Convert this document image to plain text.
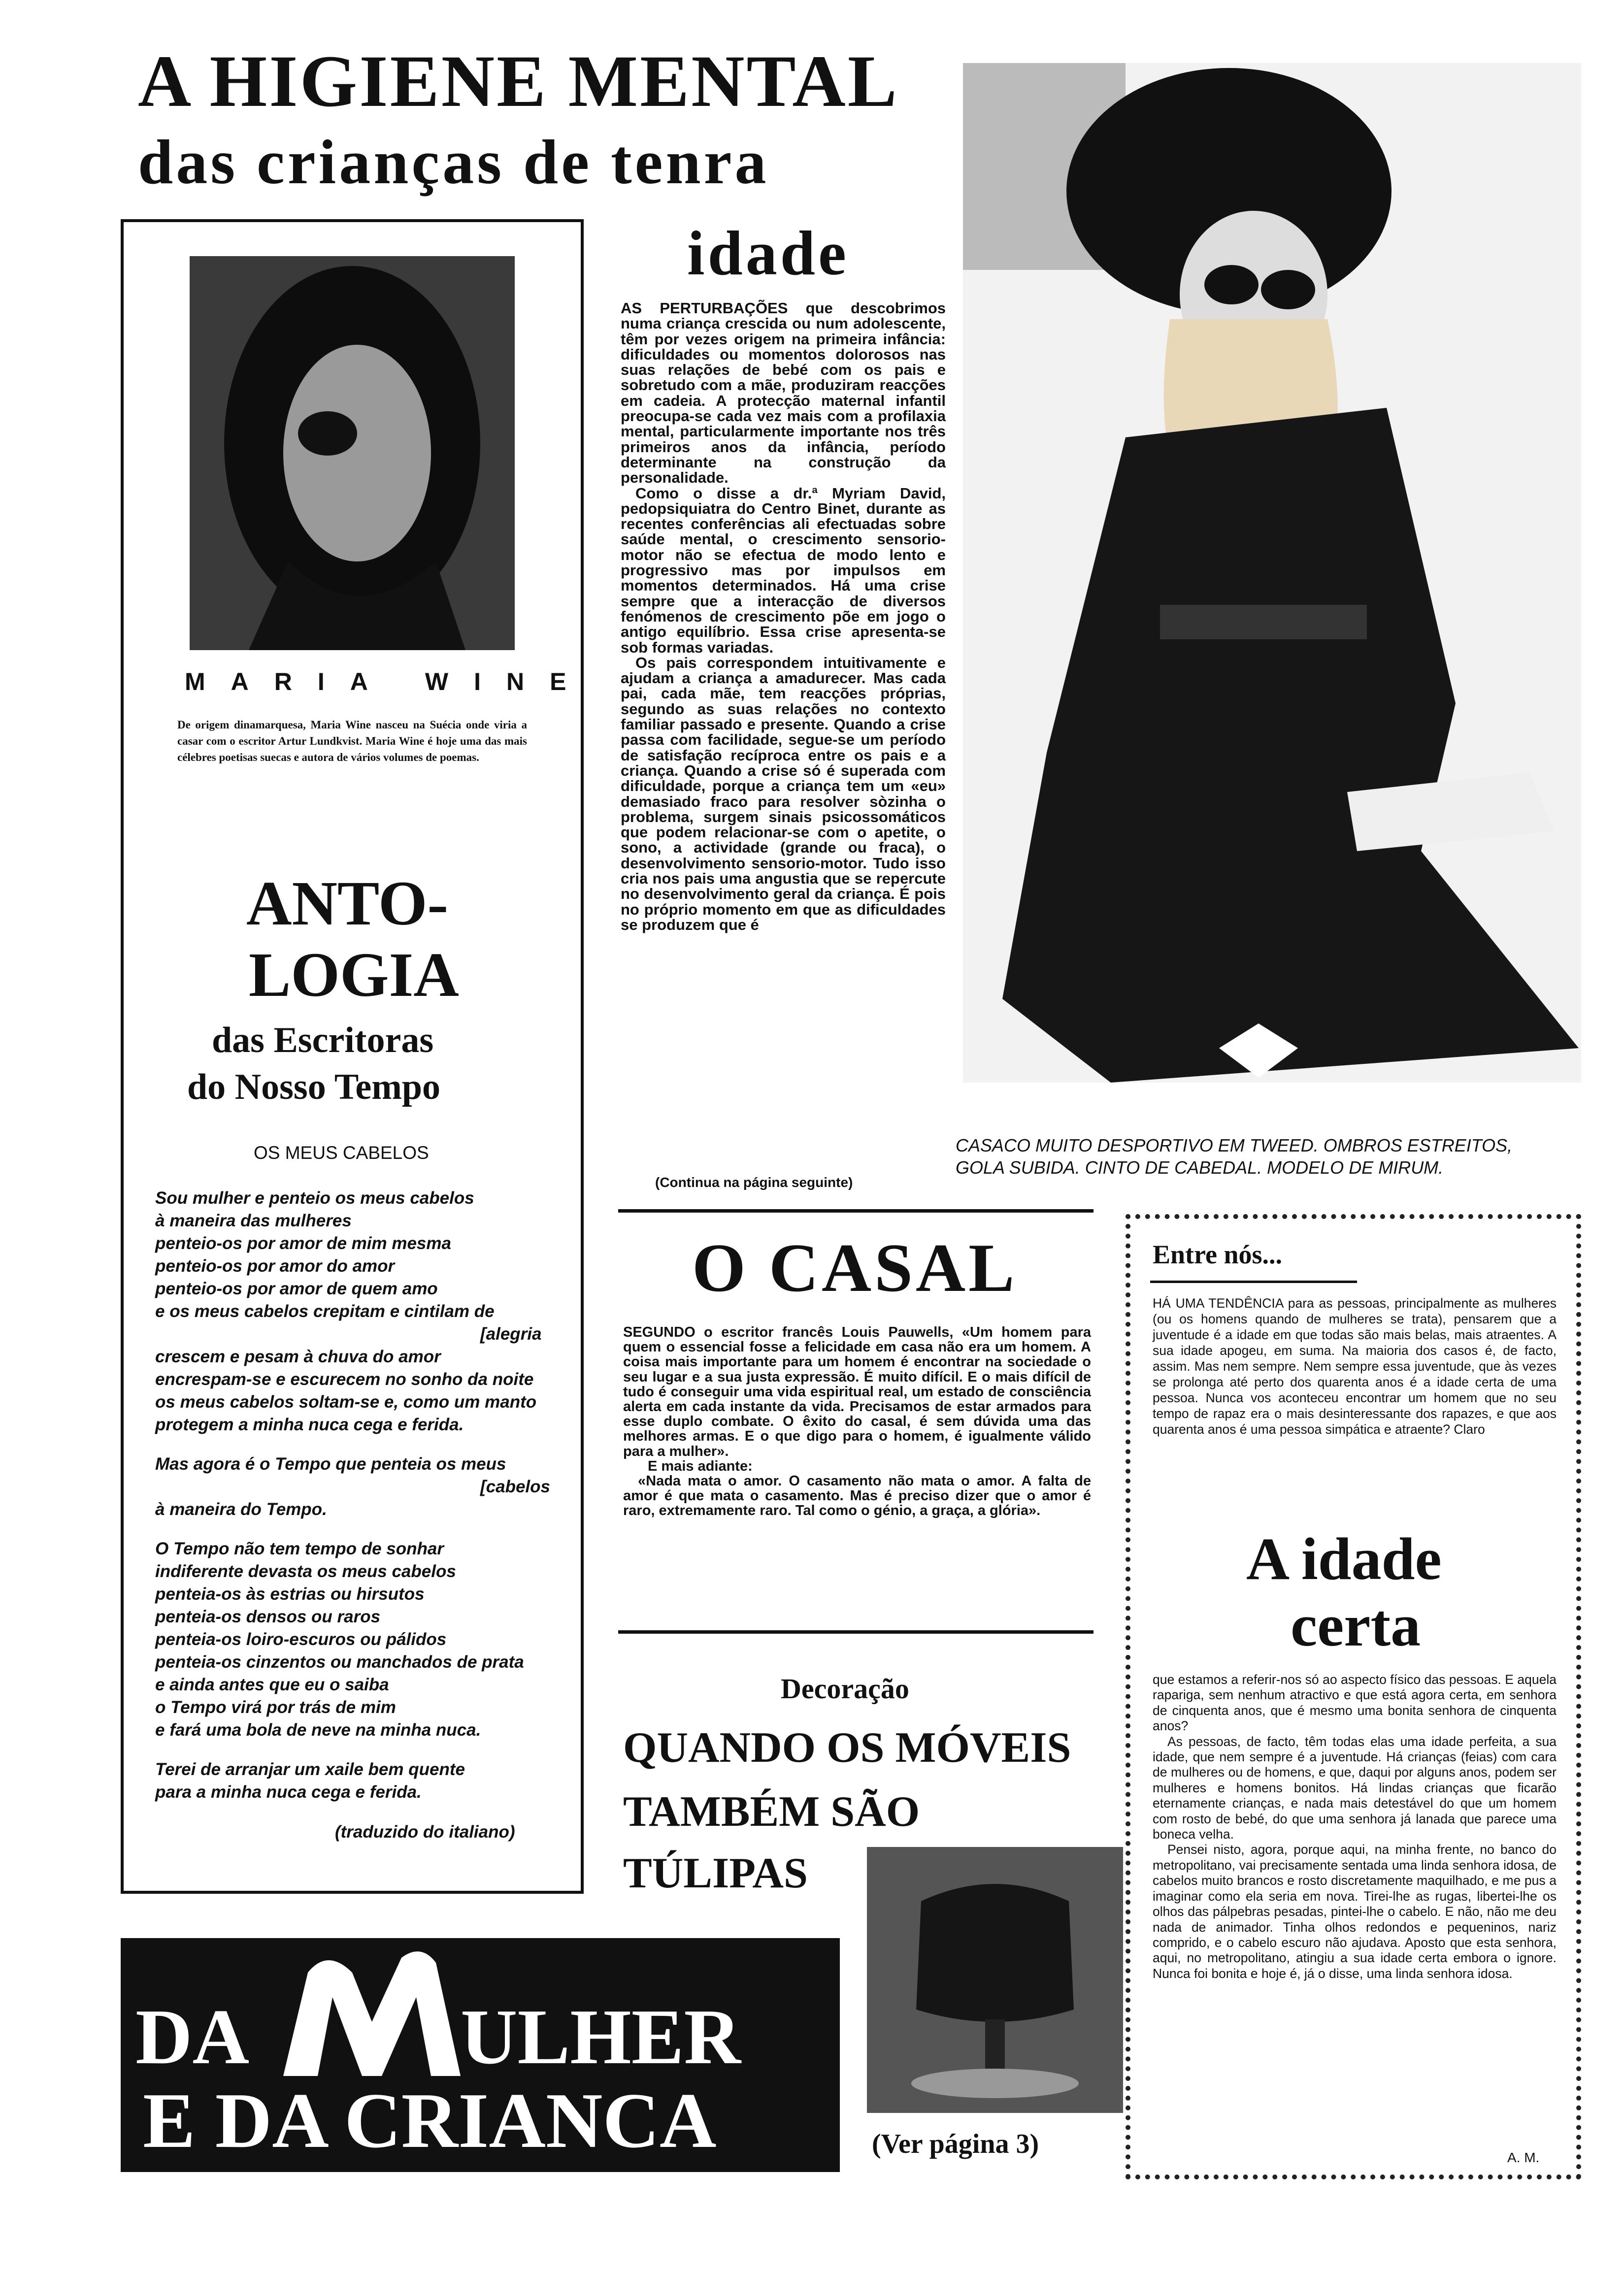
A HIGIENE MENTAL
das crianças de tenra
idade

AS PERTURBAÇÕES que descobrimos numa criança crescida ou num adolescente, têm por vezes origem na primeira infância: dificuldades ou momentos dolorosos nas suas relações de bebé com os pais e sobretudo com a mãe, produziram reacções em cadeia. A protecção maternal infantil preocupa-se cada vez mais com a profilaxia mental, particularmente importante nos três primeiros anos da infância, período determinante na construção da personalidade.

Como o disse a dr.ª Myriam David, pedopsiquiatra do Centro Binet, durante as recentes conferências ali efectuadas sobre saúde mental, o crescimento sensorio-motor não se efectua de modo lento e progressivo mas por impulsos em momentos determinados. Há uma crise sempre que a interacção de diversos fenómenos de crescimento põe em jogo o antigo equilíbrio. Essa crise apresenta-se sob formas variadas.

Os pais correspondem intuitivamente e ajudam a criança a amadurecer. Mas cada pai, cada mãe, tem reacções próprias, segundo as suas relações no contexto familiar passado e presente. Quando a crise passa com facilidade, segue-se um período de satisfação recíproca entre os pais e a criança. Quando a crise só é superada com dificuldade, porque a criança tem um «eu» demasiado fraco para resolver sòzinha o problema, surgem sinais psicossomáticos que podem relacionar-se com o apetite, o sono, a actividade (grande ou fraca), o desenvolvimento sensorio-motor. Tudo isso cria nos pais uma angustia que se repercute no desenvolvimento geral da criança. É pois no próprio momento em que as dificuldades se produzem que é

(Continua na página seguinte)
CASACO MUITO DESPORTIVO EM TWEED. OMBROS ESTREITOS,
GOLA SUBIDA. CINTO DE CABEDAL. MODELO DE MIRUM.
MARIA WINE
De origem dinamarquesa, Maria Wine nasceu na Suécia onde viria a casar com o escritor Artur Lundkvist. Maria Wine é hoje uma das mais célebres poetisas suecas e autora de vários volumes de poemas.
ANTO-
LOGIA
das Escritoras
do Nosso Tempo
OS MEUS CABELOS
Sou mulher e penteio os meus cabelos
à maneira das mulheres
penteio-os por amor de mim mesma
penteio-os por amor do amor
penteio-os por amor de quem amo
e os meus cabelos crepitam e cintilam de
[alegria
crescem e pesam à chuva do amor
encrespam-se e escurecem no sonho da noite
os meus cabelos soltam-se e, como um manto
protegem a minha nuca cega e ferida.
Mas agora é o Tempo que penteia os meus
[cabelos
à maneira do Tempo.
O Tempo não tem tempo de sonhar
indiferente devasta os meus cabelos
penteia-os às estrias ou hirsutos
penteia-os densos ou raros
penteia-os loiro-escuros ou pálidos
penteia-os cinzentos ou manchados de prata
e ainda antes que eu o saiba
o Tempo virá por trás de mim
e fará uma bola de neve na minha nuca.
Terei de arranjar um xaile bem quente
para a minha nuca cega e ferida.
(traduzido do italiano)
O CASAL

SEGUNDO o escritor francês Louis Pauwells, «Um homem para quem o essencial fosse a felicidade em casa não era um homem. A coisa mais importante para um homem é encontrar na sociedade o seu lugar e a sua justa expressão. É muito difícil. E o mais difícil de tudo é conseguir uma vida espiritual real, um estado de consciência alerta em cada instante da vida. Precisamos de estar armados para esse duplo combate. O êxito do casal, é sem dúvida uma das melhores armas. E o que digo para o homem, é igualmente válido para a mulher».

E mais adiante:

«Nada mata o amor. O casamento não mata o amor. A falta de amor é que mata o casamento. Mas é preciso dizer que o amor é raro, extremamente raro. Tal como o génio, a graça, a glória».

Decoração
QUANDO OS MÓVEIS
TAMBÉM SÃO
TÚLIPAS
(Ver página 3)
DA	ULHER
E DA CRIANCA
Entre nós...
HÁ UMA TENDÊNCIA para as pessoas, principalmente as mulheres (ou os homens quando de mulheres se trata), pensarem que a juventude é a idade em que todas são mais belas, mais atraentes. A sua idade apogeu, em suma. Na maioria dos casos é, de facto, assim. Mas nem sempre. Nem sempre essa juventude, que às vezes se prolonga até perto dos quarenta anos é a idade certa de uma pessoa. Nunca vos aconteceu encontrar um homem que no seu tempo de rapaz era o mais desinteressante dos rapazes, e que aos quarenta anos é uma pessoa simpática e atraente? Claro
A idade
certa

que estamos a referir-nos só ao aspecto físico das pessoas. E aquela rapariga, sem nenhum atractivo e que está agora certa, em senhora de cinquenta anos, que é mesmo uma bonita senhora de cinquenta anos?

As pessoas, de facto, têm todas elas uma idade perfeita, a sua idade, que nem sempre é a juventude. Há crianças (feias) com cara de mulheres ou de homens, e que, daqui por alguns anos, podem ser mulheres e homens bonitos. Há lindas crianças que ficarão eternamente crianças, e nada mais detestável do que um homem com rosto de bebé, do que uma senhora já lanada que parece uma boneca velha.

Pensei nisto, agora, porque aqui, na minha frente, no banco do metropolitano, vai precisamente sentada uma linda senhora idosa, de cabelos muito brancos e rosto discretamente maquilhado, e me pus a imaginar como ela seria em nova. Tirei-lhe as rugas, libertei-lhe os olhos das pálpebras pesadas, pintei-lhe o cabelo. E não, não me deu nada de animador. Tinha olhos redondos e pequeninos, nariz comprido, e o cabelo escuro não ajudava. Aposto que esta senhora, aqui, no metropolitano, atingiu a sua idade certa embora o ignore. Nunca foi bonita e hoje é, já o disse, uma linda senhora idosa.

A. M.
